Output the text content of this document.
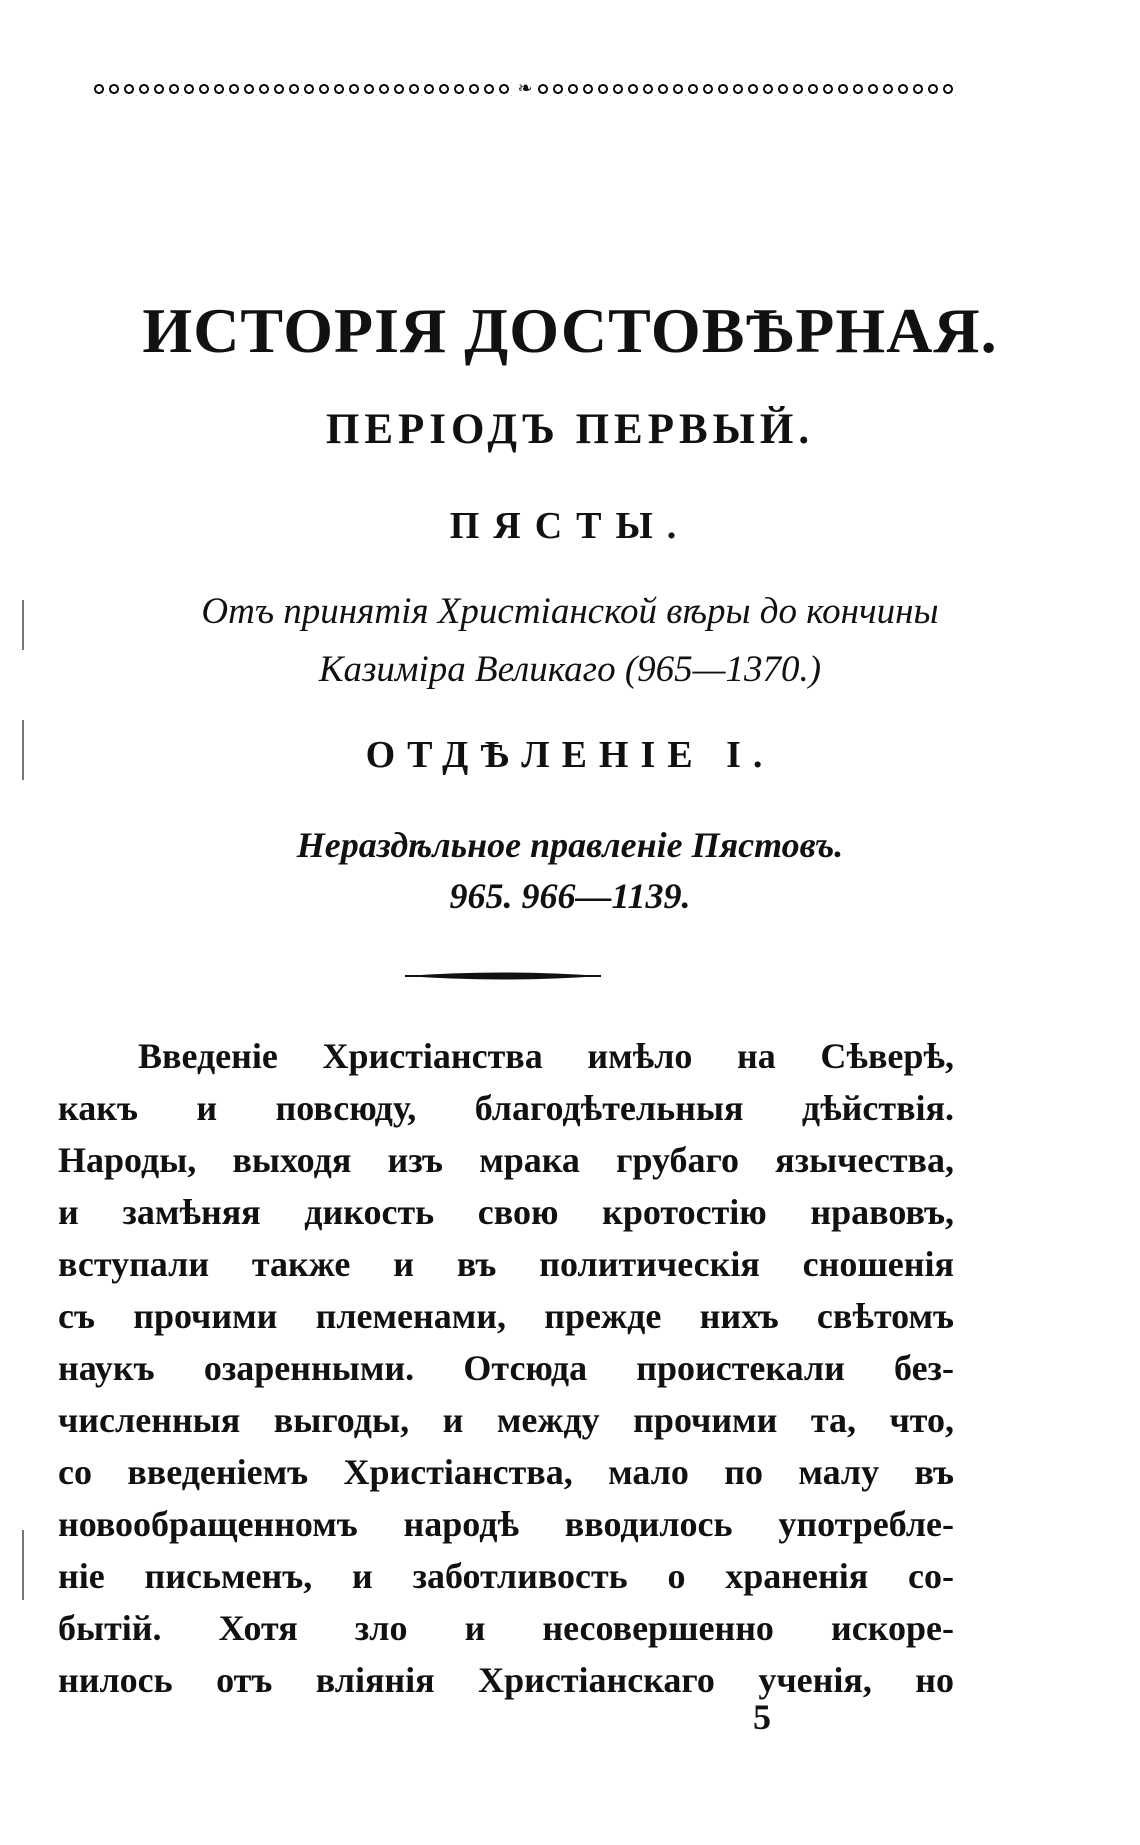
❧
ИСТОРІЯ ДОСТОВѢРНАЯ.
ПЕРІОДЪ ПЕРВЫЙ.
ПЯСТЫ.
Отъ принятія Христіанской вѣры до кончины
Казиміра Великаго (965—1370.)
ОТДѢЛЕНІЕ I.
Нераздѣльное правленіе Пястовъ.
965. 966—1139.
Введеніе Христіанства имѣло на Сѣверѣ,
какъ и повсюду, благодѣтельныя дѣйствія.
Народы, выходя изъ мрака грубаго язычества,
и замѣняя дикость свою кротостію нравовъ,
вступали также и въ политическія сношенія
съ прочими племенами, прежде нихъ свѣтомъ
наукъ озаренными. Отсюда проистекали без-
численныя выгоды, и между прочими та, что,
со введеніемъ Христіанства, мало по малу въ
новообращенномъ народѣ вводилось употребле-
ніе письменъ, и заботливость о храненія со-
бытій. Хотя зло и несовершенно искоре-
нилось отъ вліянія Христіанскаго ученія, но
5
